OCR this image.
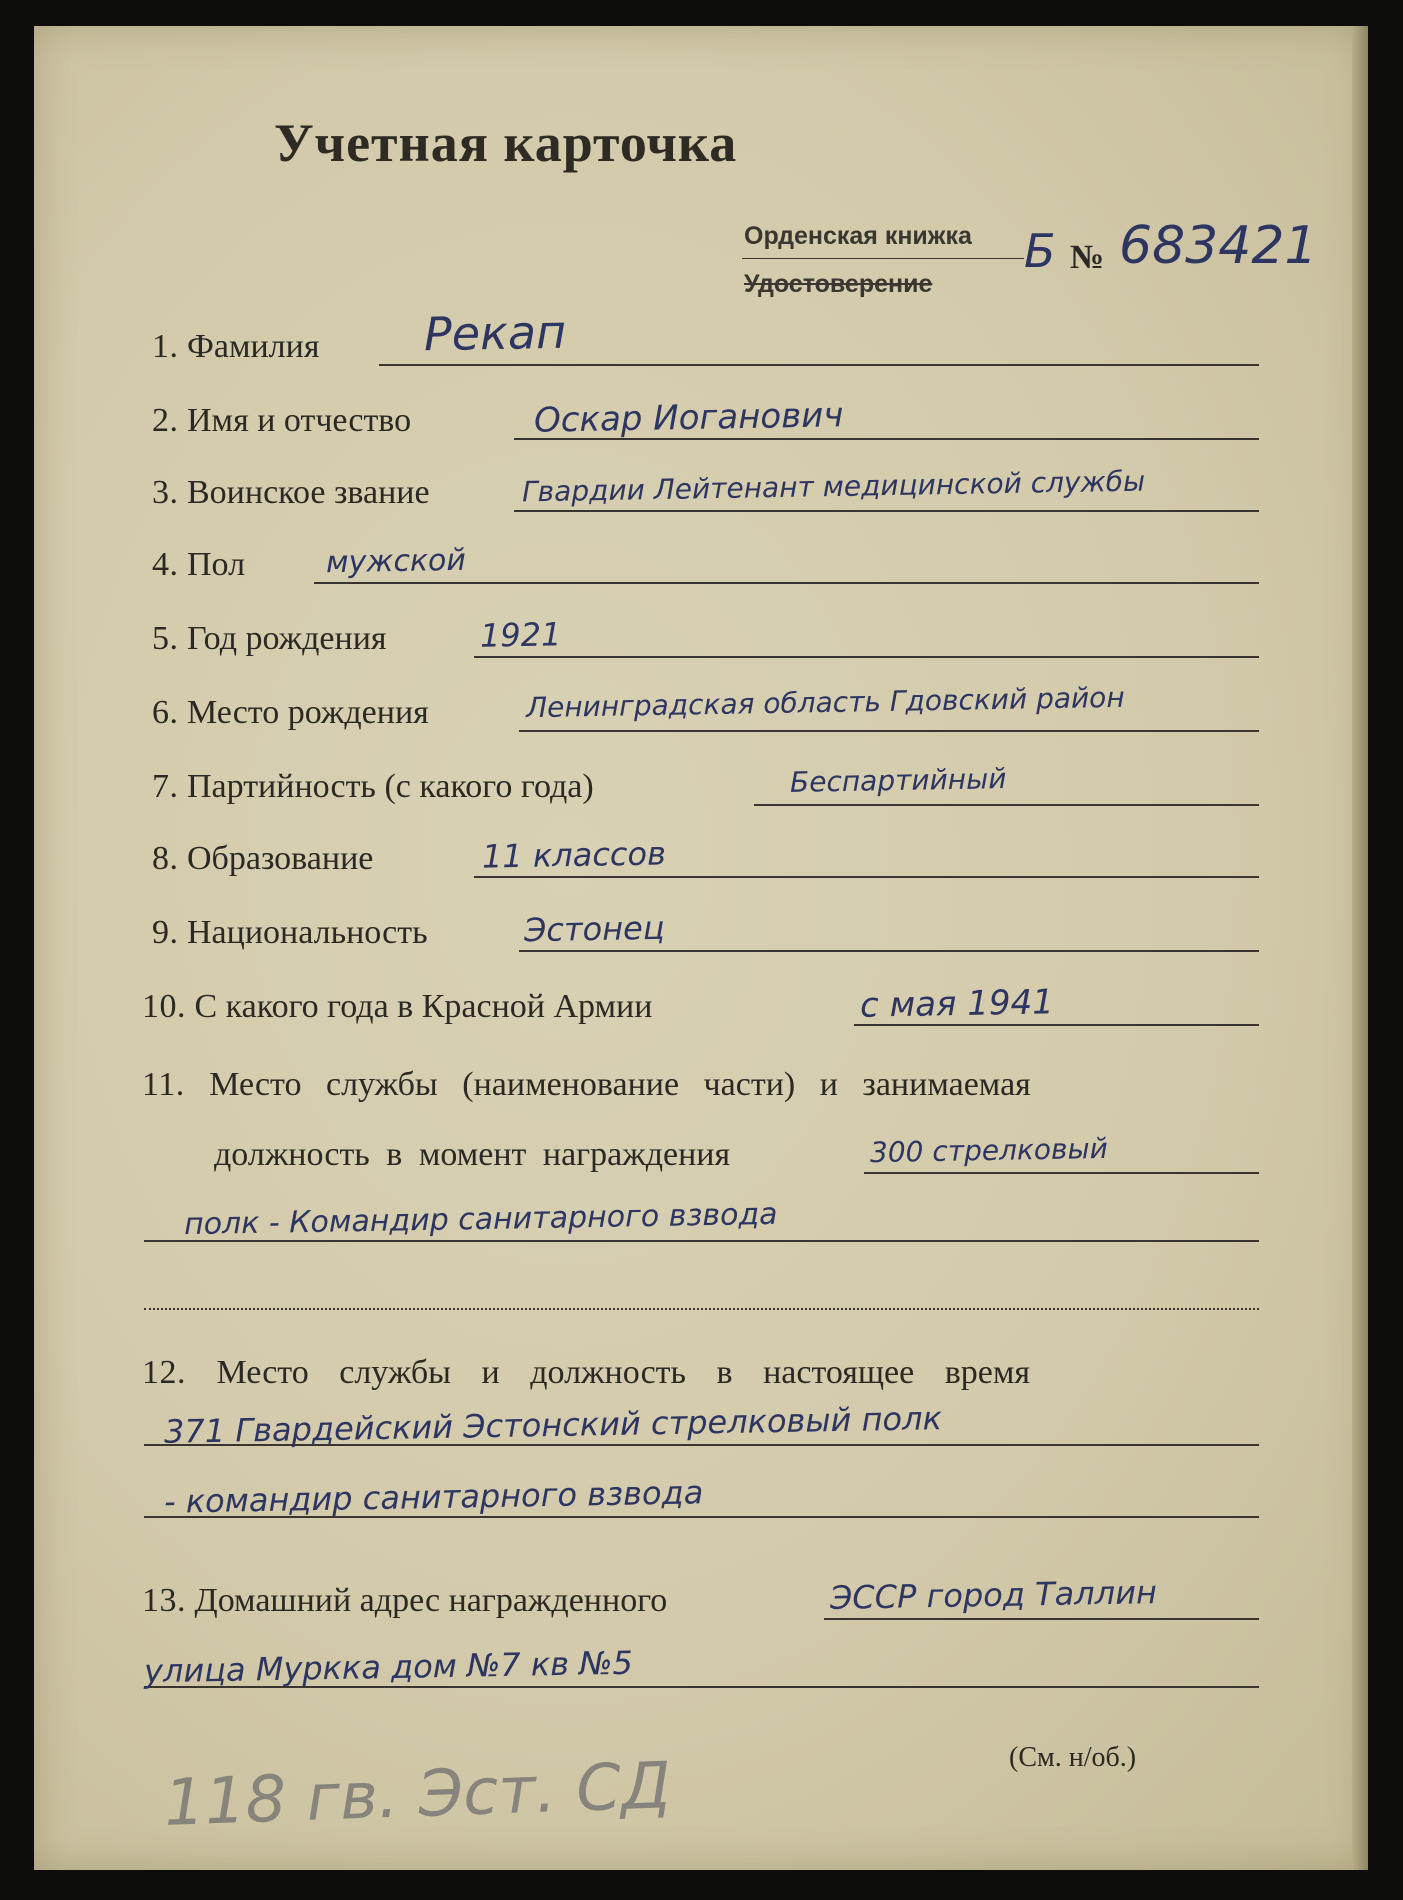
Учетная карточка
Орденская книжка
Удостоверение
Б № 683421
1. Фамилия Рекап
2. Имя и отчество	Оскар Иоганович
3. Воинское звание	Гвардии Лейтенант медицинской службы
4. Пол	мужской
5. Год рождения	1921
6. Место рождения	Ленинградская область Гдовский район
7. Партийность (с какого года)	Беспартийный
8. Образование	11 классов
9. Национальность	Эстонец
10. С какого года в Красной Армии	с мая 1941
11. Место службы (наименование части) и занимаемая
должность в момент награждения	300 стрелковый
полк - Командир санитарного взвода
12. Место службы и должность в настоящее время
371 Гвардейский Эстонский стрелковый полк
- командир санитарного взвода
13. Домашний адрес награжденного	ЭССР город Таллин
улица Муркка дом №7 кв №5
(См. н/об.)
118 гв. Эст. СД
